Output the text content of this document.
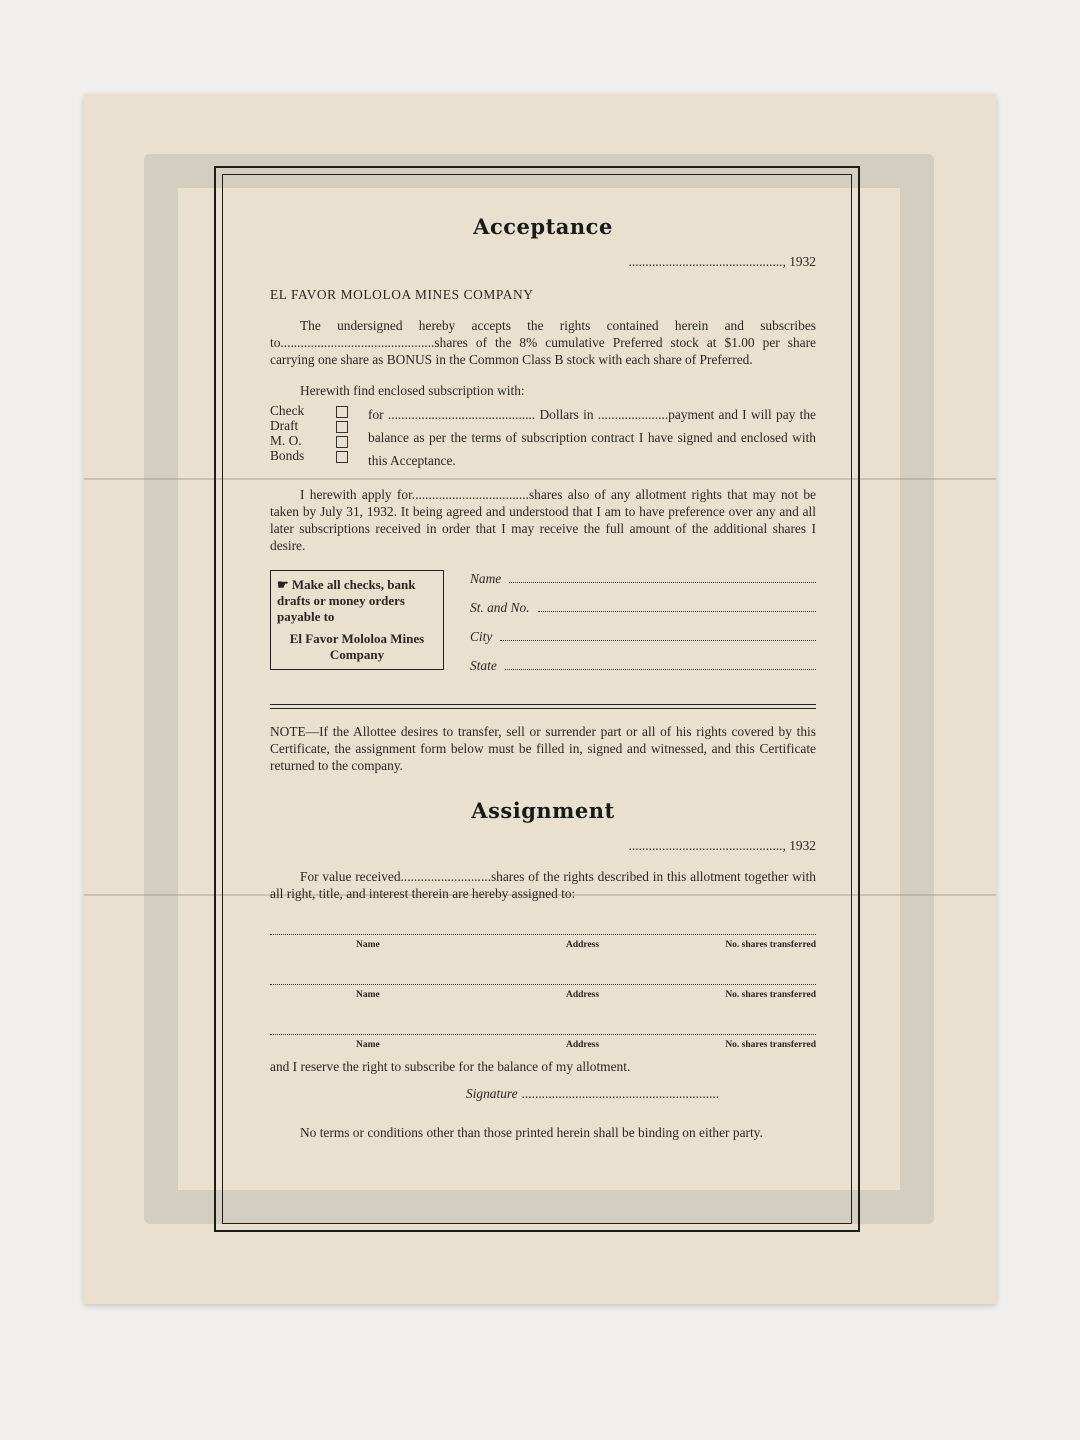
Acceptance
.............................................., 1932

EL FAVOR MOLOLOA MINES COMPANY

The undersigned hereby accepts the rights contained herein and subscribes to..............................................shares of the 8% cumulative Preferred stock at $1.00 per share carrying one share as BONUS in the Common Class B stock with each share of Preferred.

Herewith find enclosed subscription with:

Check
Draft
M. O.
Bonds
for ............................................ Dollars in .....................payment and I will pay the balance as per the terms of subscription contract I have signed and enclosed with this Acceptance.

I herewith apply for...................................shares also of any allotment rights that may not be taken by July 31, 1932. It being agreed and understood that I am to have preference over any and all later subscriptions received in order that I may receive the full amount of the additional shares I desire.

☛ Make all checks, bank drafts or money orders payable to
El Favor Mololoa Mines Company
Name
St. and No.
City
State

NOTE—If the Allottee desires to transfer, sell or surrender part or all of his rights covered by this Certificate, the assignment form below must be filled in, signed and witnessed, and this Certificate returned to the company.

Assignment
.............................................., 1932

For value received...........................shares of the rights described in this allotment together with all right, title, and interest therein are hereby assigned to:

Name	Address	No. shares transferred
Name	Address	No. shares transferred
Name	Address	No. shares transferred

and I reserve the right to subscribe for the balance of my allotment.

Signature ...........................................................

No terms or conditions other than those printed herein shall be binding on either party.
